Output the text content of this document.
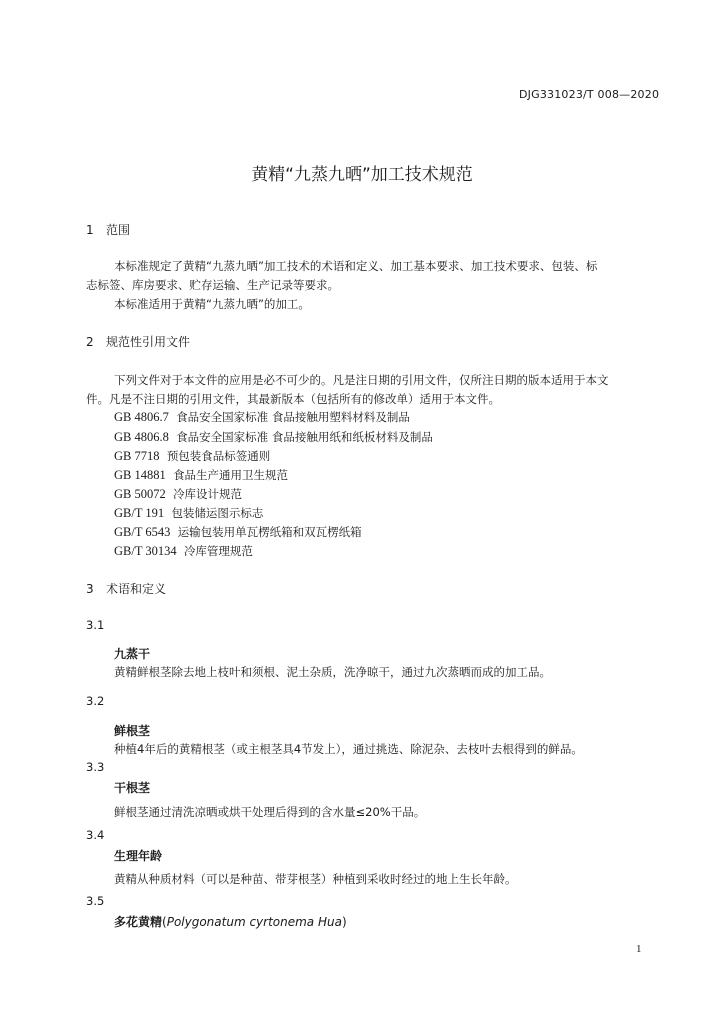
DJG331023/T 008—2020
黄精“九蒸九晒”加工技术规范
1 范围
本标准规定了黄精“九蒸九晒”加工技术的术语和定义、加工基本要求、加工技术要求、包装、标
志标签、库房要求、贮存运输、生产记录等要求。
本标准适用于黄精“九蒸九晒”的加工。
2 规范性引用文件
下列文件对于本文件的应用是必不可少的。凡是注日期的引用文件，仅所注日期的版本适用于本文
件。凡是不注日期的引用文件，其最新版本（包括所有的修改单）适用于本文件。
GB 4806.7 食品安全国家标准 食品接触用塑料材料及制品
GB 4806.8 食品安全国家标准 食品接触用纸和纸板材料及制品
GB 7718 预包装食品标签通则
GB 14881 食品生产通用卫生规范
GB 50072 冷库设计规范
GB/T 191 包装储运图示标志
GB/T 6543 运输包装用单瓦楞纸箱和双瓦楞纸箱
GB/T 30134 冷库管理规范
3 术语和定义
3.1
九蒸干
黄精鲜根茎除去地上枝叶和须根、泥土杂质，洗净晾干，通过九次蒸晒而成的加工品。
3.2
鲜根茎
种植4年后的黄精根茎（或主根茎具4节发上），通过挑选、除泥杂、去枝叶去根得到的鲜品。
3.3
干根茎
鲜根茎通过清洗凉晒或烘干处理后得到的含水量≤20%干品。
3.4
生理年龄
黄精从种质材料（可以是种苗、带芽根茎）种植到采收时经过的地上生长年龄。
3.5
多花黄精(Polygonatum cyrtonema Hua)
1
